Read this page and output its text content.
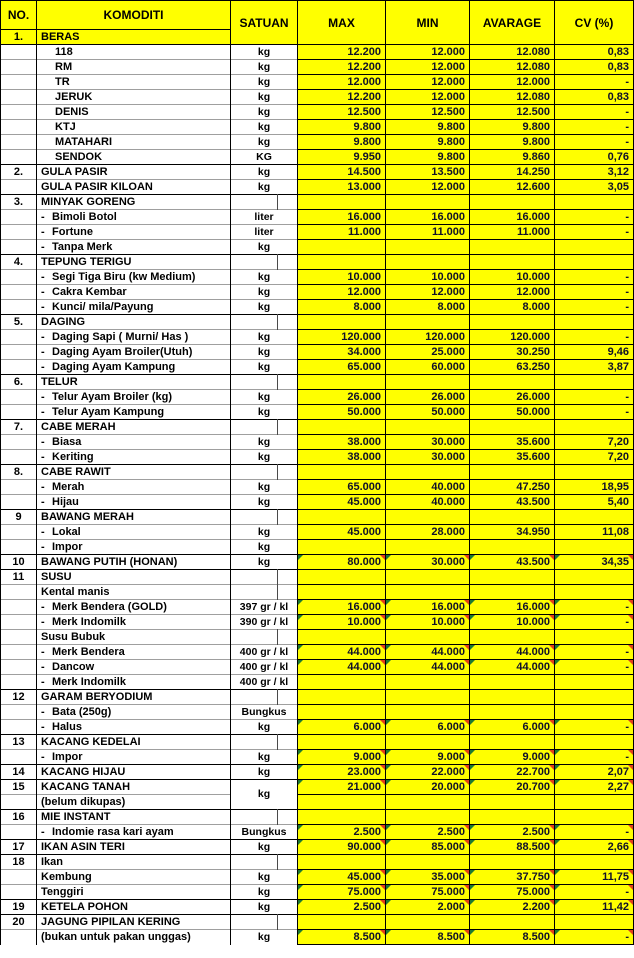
NO.	KOMODITI	SATUAN		MAX	MIN	AVARAGE	CV (%)
1.	BERAS						
	118	kg		12.200	12.000	12.080	0,83
	RM	kg		12.200	12.000	12.080	0,83
	TR	kg		12.000	12.000	12.000	-
	JERUK	kg		12.200	12.000	12.080	0,83
	DENIS	kg		12.500	12.500	12.500	-
	KTJ	kg		9.800	9.800	9.800	-
	MATAHARI	kg		9.800	9.800	9.800	-
	SENDOK	KG		9.950	9.800	9.860	0,76
2.	GULA PASIR	kg		14.500	13.500	14.250	3,12
	GULA PASIR KILOAN	kg		13.000	12.000	12.600	3,05
3.	MINYAK GORENG						
	- Bimoli Botol	liter		16.000	16.000	16.000	-
	- Fortune	liter		11.000	11.000	11.000	-
	- Tanpa Merk	kg					
4.	TEPUNG TERIGU						
	- Segi Tiga Biru (kw Medium)	kg		10.000	10.000	10.000	-
	- Cakra Kembar	kg		12.000	12.000	12.000	-
	- Kunci/ mila/Payung	kg		8.000	8.000	8.000	-
5.	DAGING						
	- Daging Sapi ( Murni/ Has )	kg		120.000	120.000	120.000	-
	- Daging Ayam Broiler(Utuh)	kg		34.000	25.000	30.250	9,46
	- Daging Ayam Kampung	kg		65.000	60.000	63.250	3,87
6.	TELUR						
	- Telur Ayam Broiler (kg)	kg		26.000	26.000	26.000	-
	- Telur Ayam Kampung	kg		50.000	50.000	50.000	-
7.	CABE MERAH						
	- Biasa	kg		38.000	30.000	35.600	7,20
	- Keriting	kg		38.000	30.000	35.600	7,20
8.	CABE RAWIT						
	- Merah	kg		65.000	40.000	47.250	18,95
	- Hijau	kg		45.000	40.000	43.500	5,40
9	BAWANG MERAH						
	- Lokal	kg		45.000	28.000	34.950	11,08
	- Impor	kg					
10	BAWANG PUTIH (HONAN)	kg		80.000	30.000	43.500	34,35
11	SUSU						
	Kental manis						
	- Merk Bendera (GOLD)	397 gr / kl		16.000	16.000	16.000	-
	- Merk Indomilk	390 gr / kl		10.000	10.000	10.000	-
	Susu Bubuk						
	- Merk Bendera	400 gr / kl		44.000	44.000	44.000	-
	- Dancow	400 gr / kl		44.000	44.000	44.000	-
	- Merk Indomilk	400 gr / kl					
12	GARAM BERYODIUM						
	- Bata (250g)	Bungkus					
	- Halus	kg		6.000	6.000	6.000	-
13	KACANG KEDELAI						
	- Impor	kg		9.000	9.000	9.000	-
14	KACANG HIJAU	kg		23.000	22.000	22.700	2,07
15	KACANG TANAH	kg		21.000	20.000	20.700	2,27
	(belum dikupas)						
16	MIE INSTANT						
	- Indomie rasa kari ayam	Bungkus		2.500	2.500	2.500	-
17	IKAN ASIN TERI	kg		90.000	85.000	88.500	2,66
18	Ikan						
	Kembung	kg		45.000	35.000	37.750	11,75
	Tenggiri	kg		75.000	75.000	75.000	-
19	KETELA POHON	kg		2.500	2.000	2.200	11,42
20	JAGUNG PIPILAN KERING						
	(bukan untuk pakan unggas)	kg		8.500	8.500	8.500	-
